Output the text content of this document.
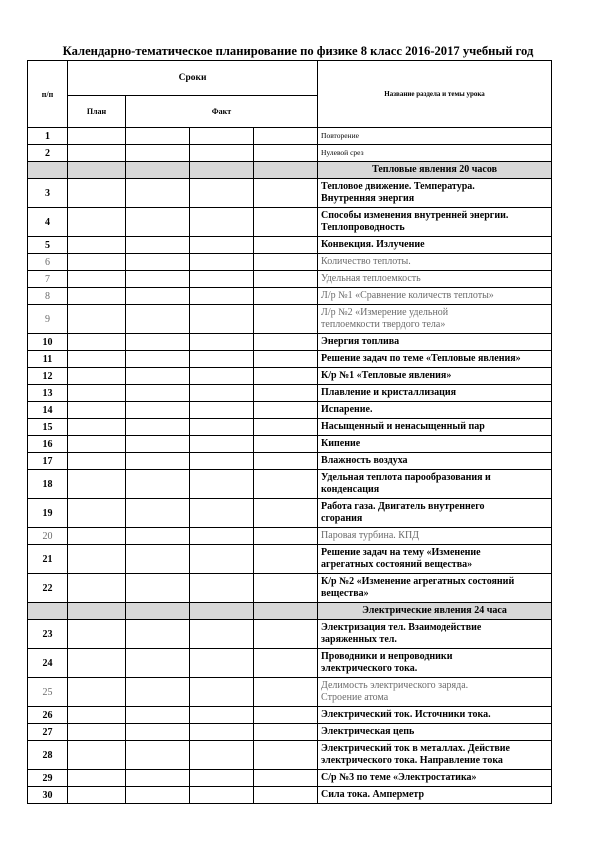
Календарно-тематическое планирование по физике 8 класс 2016-2017 учебный год
п/п	Сроки				Название раздела и темы урока
	План	Факт			
1					Повторение

2					Нулевой срез

					Тепловые явления 20 часов

3					Тепловое движение. Температура.
Внутренняя энергия

4					Способы изменения внутренней энергии.
Теплопроводность

5					Конвекция. Излучение

6					Количество теплоты.

7					Удельная теплоемкость

8					Л/р №1 «Сравнение количеств теплоты»

9					Л/р №2 «Измерение удельной
теплоемкости твердого тела»

10					Энергия топлива

11					Решение задач по теме «Тепловые явления»

12					К/р №1 «Тепловые явления»

13					Плавление и кристаллизация

14					Испарение.

15					Насыщенный и ненасыщенный пар

16					Кипение

17					Влажность воздуха

18					Удельная теплота парообразования и
конденсация

19					Работа газа. Двигатель внутреннего
сгорания

20					Паровая турбина. КПД

21					Решение задач на тему «Изменение
агрегатных состояний вещества»

22					К/р №2 «Изменение агрегатных состояний
вещества»

					Электрические явления 24 часа

23					Электризация тел. Взаимодействие
заряженных тел.

24					Проводники и непроводники
электрического тока.

25					Делимость электрического заряда.
Строение атома

26					Электрический ток. Источники тока.

27					Электрическая цепь

28					Электрический ток в металлах. Действие
электрического тока. Направление тока

29					С/р №3 по теме «Электростатика»

30					Сила тока. Амперметр
